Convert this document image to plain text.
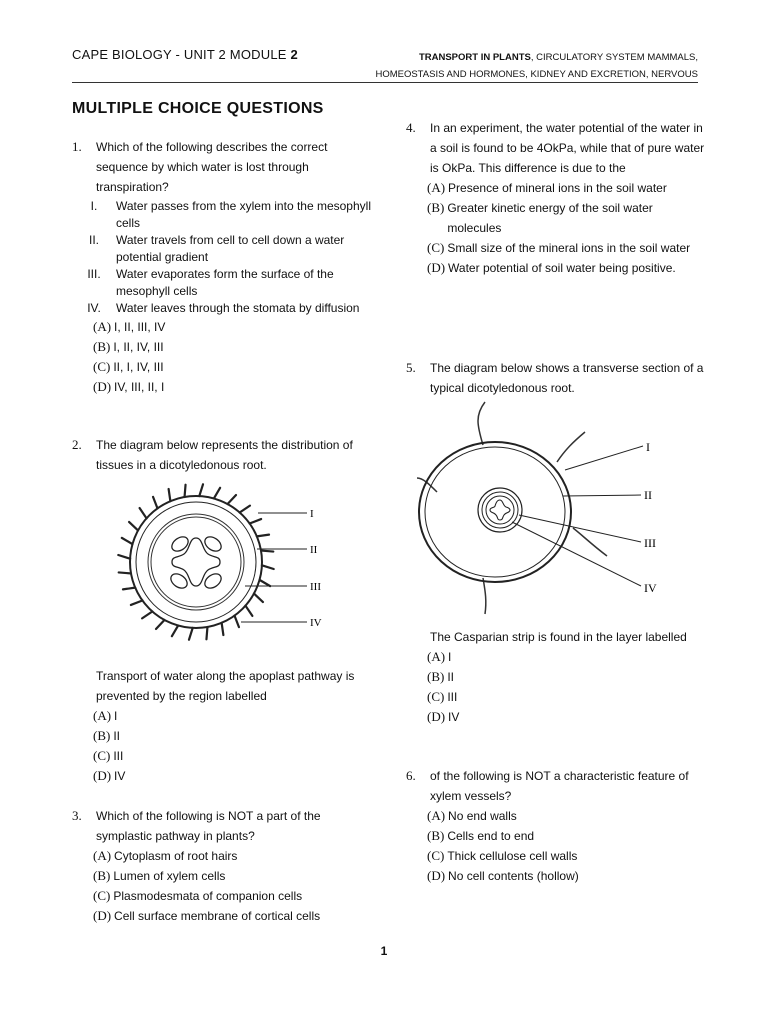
CAPE BIOLOGY - UNIT 2 MODULE 2	TRANSPORT IN PLANTS, CIRCULATORY SYSTEM MAMMALS,
HOMEOSTASIS AND HORMONES, KIDNEY AND EXCRETION, NERVOUS
MULTIPLE CHOICE QUESTIONS
1. Which of the following describes the correct sequence by which water is lost through transpiration?
I.	Water passes from the xylem into the mesophyll cells
II.	Water travels from cell to cell down a water potential gradient
III.	Water evaporates form the surface of the mesophyll cells
IV.	Water leaves through the stomata by diffusion
(A) I, II, III, IV
(B) I, II, IV, III
(C) II, I, IV, III
(D) IV, III, II, I
2. The diagram below represents the distribution of tissues in a dicotyledonous root.
I
II
III
IV
Transport of water along the apoplast pathway is prevented by the region labelled
(A) I
(B) II
(C) III
(D) IV
3. Which of the following is NOT a part of the symplastic pathway in plants?
(A) Cytoplasm of root hairs
(B) Lumen of xylem cells
(C) Plasmodesmata of companion cells
(D) Cell surface membrane of cortical cells
4. In an experiment, the water potential of the water in a soil is found to be 4OkPa, while that of pure water is OkPa. This difference is due to the
(A) Presence of mineral ions in the soil water
(B) Greater kinetic energy of the soil water molecules
(C) Small size of the mineral ions in the soil water
(D) Water potential of soil water being positive.
5. The diagram below shows a transverse section of a typical dicotyledonous root.
I
II
III
IV
The Casparian strip is found in the layer labelled
(A) I
(B) II
(C) III
(D) IV
6. of the following is NOT a characteristic feature of xylem vessels?
(A) No end walls
(B) Cells end to end
(C) Thick cellulose cell walls
(D) No cell contents (hollow)
1
